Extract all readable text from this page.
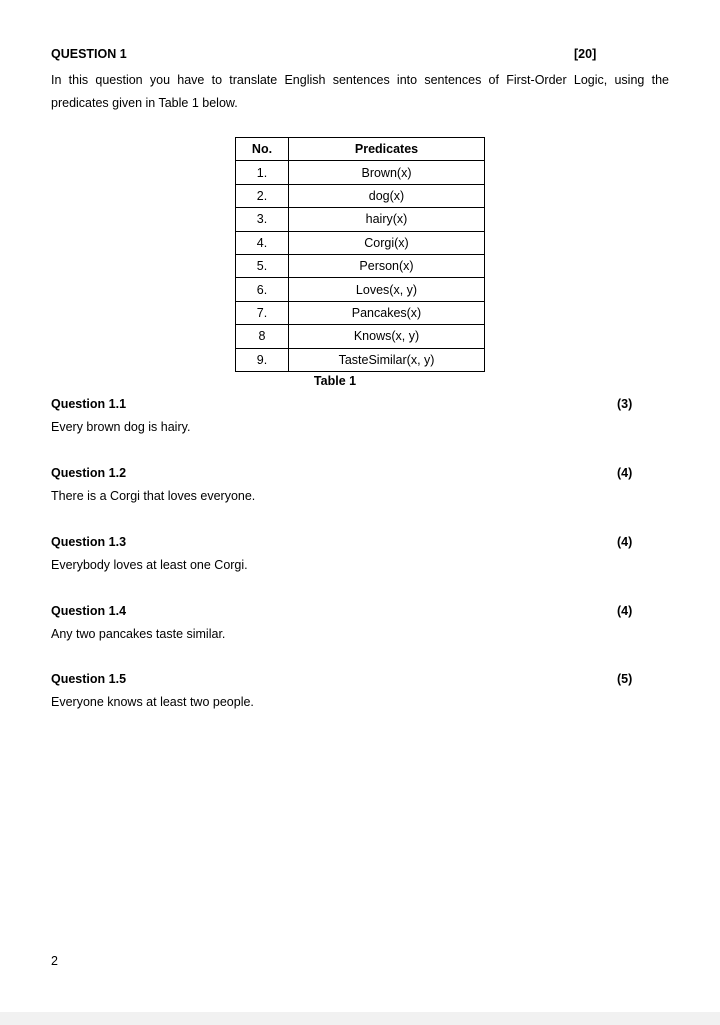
QUESTION 1	[20]
In this question you have to translate English sentences into sentences of First-Order Logic, using the predicates given in Table 1 below.
No.	Predicates
1.	Brown(x)
2.	dog(x)
3.	hairy(x)
4.	Corgi(x)
5.	Person(x)
6.	Loves(x, y)
7.	Pancakes(x)
8	Knows(x, y)
9.	TasteSimilar(x, y)
Table 1
Question 1.1	(3)
Every brown dog is hairy.
Question 1.2	(4)
There is a Corgi that loves everyone.
Question 1.3	(4)
Everybody loves at least one Corgi.
Question 1.4	(4)
Any two pancakes taste similar.
Question 1.5	(5)
Everyone knows at least two people.
2
